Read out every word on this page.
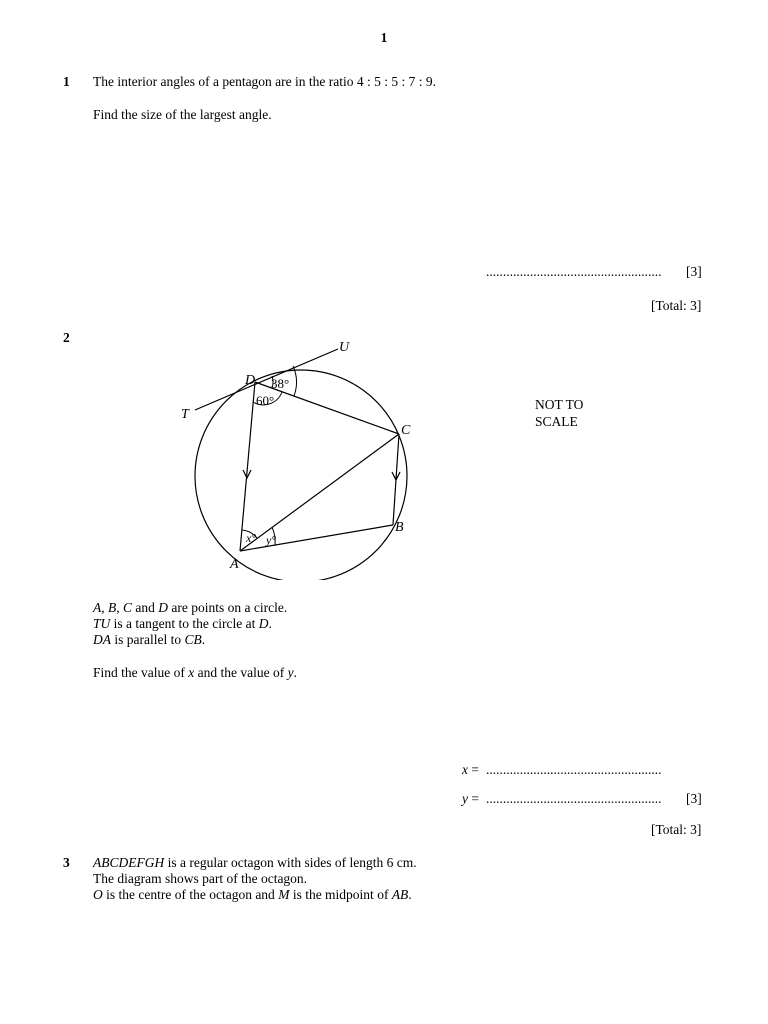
1
1 The interior angles of a pentagon are in the ratio 4 : 5 : 5 : 7 : 9.
Find the size of the largest angle.
.................................................... [3]
[Total: 3]
2
U
D
T
C
B
A
38°
60°
x° y°
NOT TO
SCALE
A, B, C and D are points on a circle.
TU is a tangent to the circle at D.
DA is parallel to CB.
Find the value of x and the value of y.
x = ....................................................
y = .................................................... [3]
[Total: 3]
3 ABCDEFGH is a regular octagon with sides of length 6 cm.
The diagram shows part of the octagon.
O is the centre of the octagon and M is the midpoint of AB.
